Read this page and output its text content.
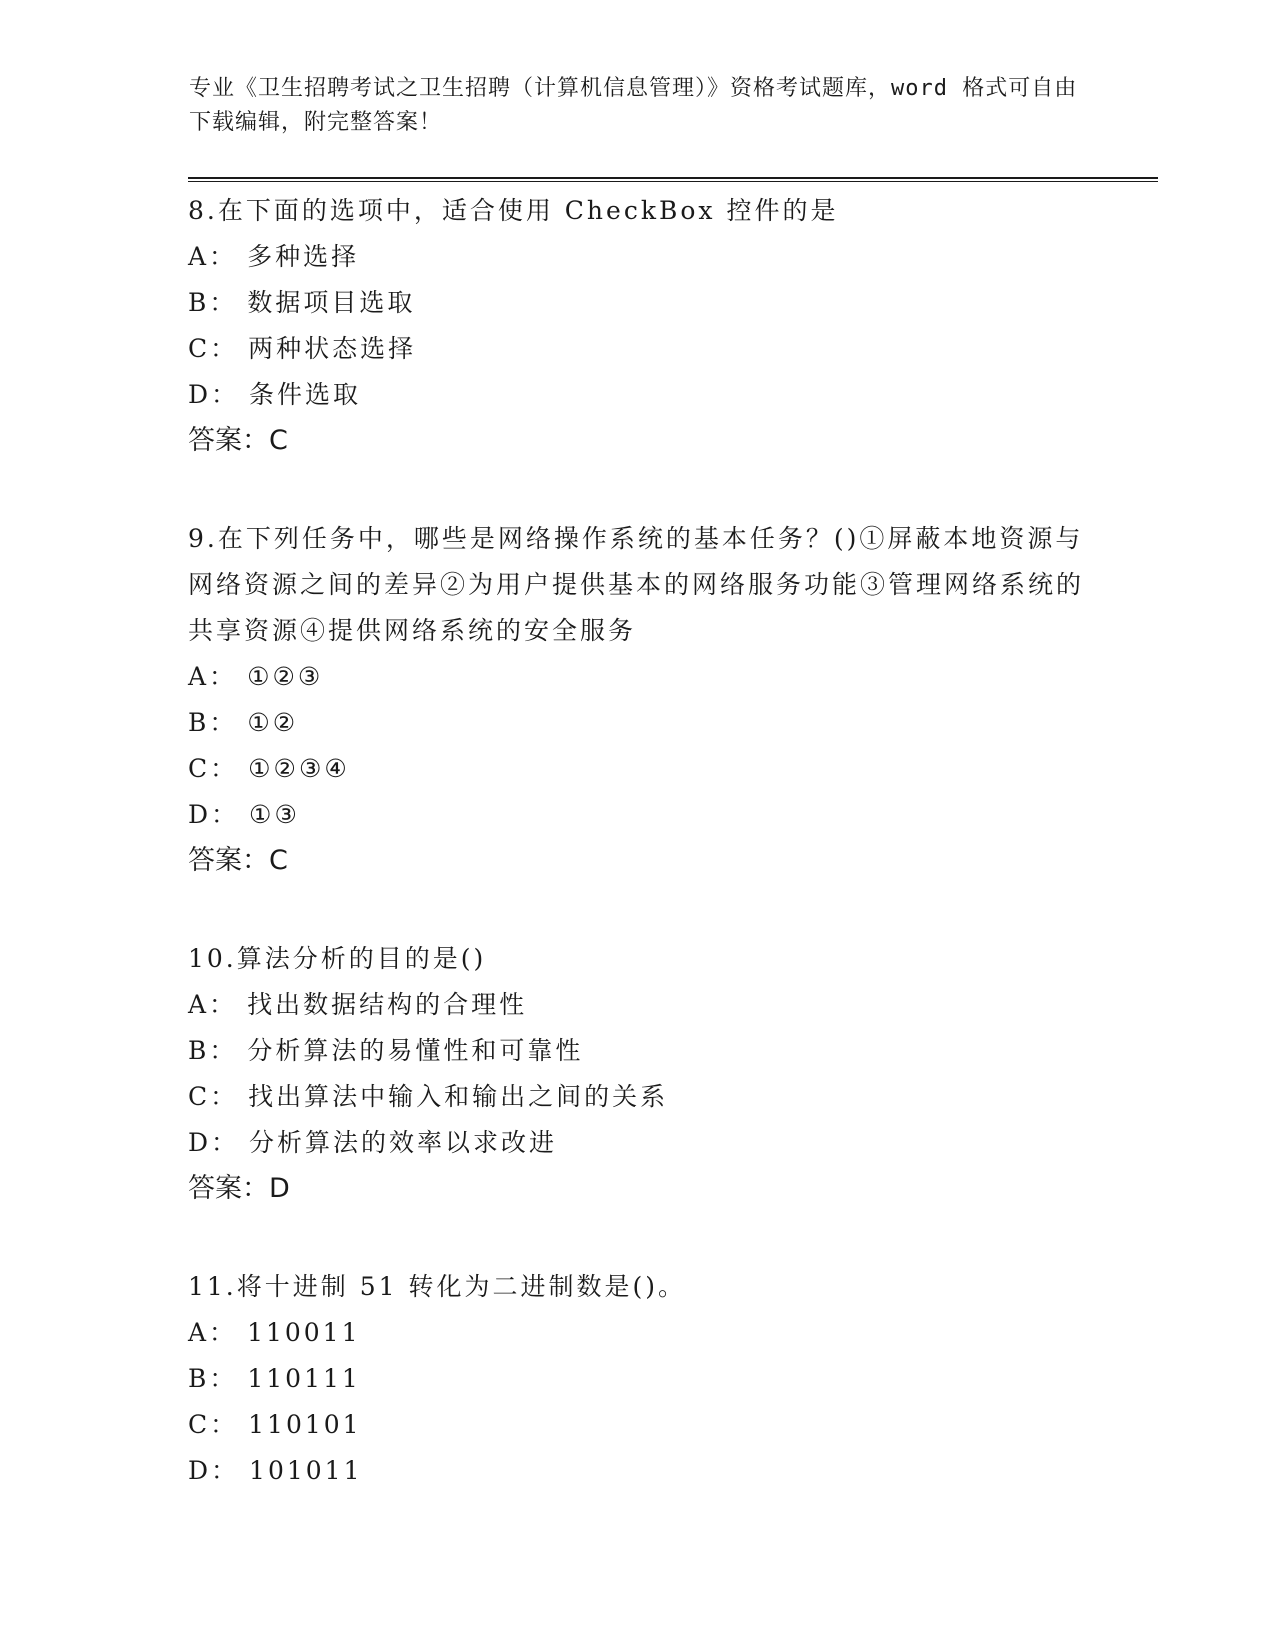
专业《卫生招聘考试之卫生招聘（计算机信息管理）》资格考试题库，word 格式可自由下载编辑，附完整答案！

8.在下面的选项中，适合使用 CheckBox 控件的是

A： 多种选择

B： 数据项目选取

C： 两种状态选择

D： 条件选取

答案：C

9.在下列任务中，哪些是网络操作系统的基本任务？()①屏蔽本地资源与网络资源之间的差异②为用户提供基本的网络服务功能③管理网络系统的共享资源④提供网络系统的安全服务

A： ①②③

B： ①②

C： ①②③④

D： ①③

答案：C

10.算法分析的目的是()

A： 找出数据结构的合理性

B： 分析算法的易懂性和可靠性

C： 找出算法中输入和输出之间的关系

D： 分析算法的效率以求改进

答案：D

11.将十进制 51 转化为二进制数是()。

A： 110011

B： 110111

C： 110101

D： 101011
